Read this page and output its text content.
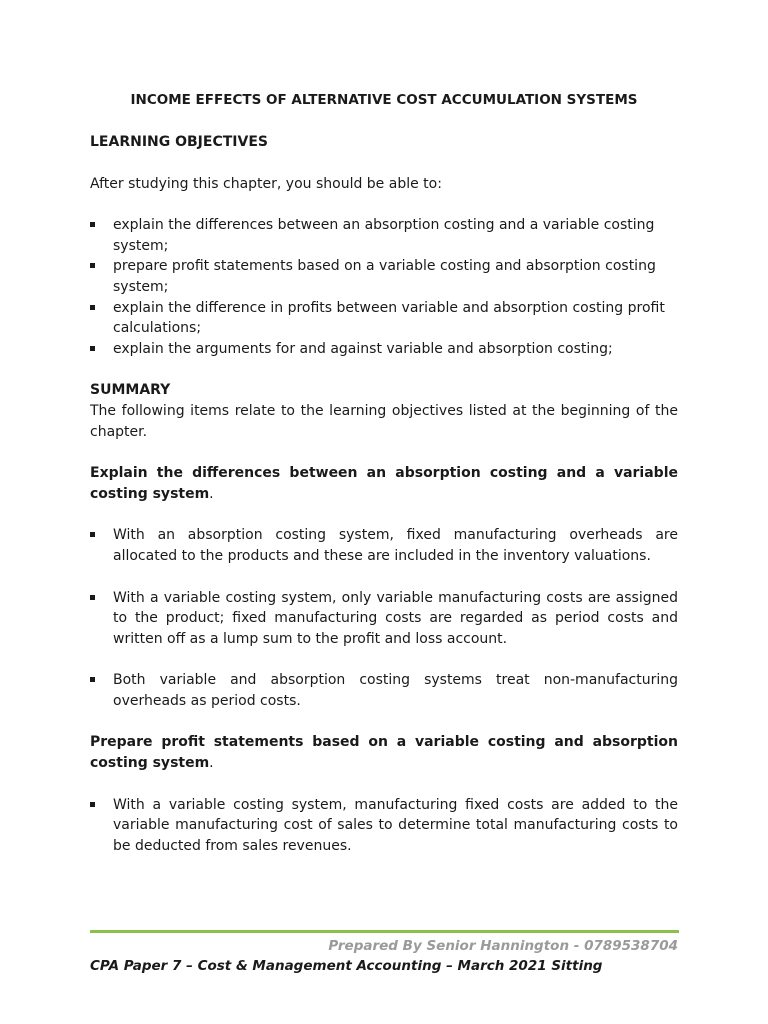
INCOME EFFECTS OF ALTERNATIVE COST ACCUMULATION SYSTEMS

LEARNING OBJECTIVES

After studying this chapter, you should be able to:

explain the differences between an absorption costing and a variable costing system;
prepare profit statements based on a variable costing and absorption costing system;
explain the difference in profits between variable and absorption costing profit calculations;
explain the arguments for and against variable and absorption costing;

SUMMARY

The following items relate to the learning objectives listed at the beginning of the chapter.

Explain the differences between an absorption costing and a variable costing system.

With an absorption costing system, fixed manufacturing overheads are allocated to the products and these are included in the inventory valuations.
With a variable costing system, only variable manufacturing costs are assigned to the product; fixed manufacturing costs are regarded as period costs and written off as a lump sum to the profit and loss account.
Both variable and absorption costing systems treat non-manufacturing overheads as period costs.

Prepare profit statements based on a variable costing and absorption costing system.

With a variable costing system, manufacturing fixed costs are added to the variable manufacturing cost of sales to determine total manufacturing costs to be deducted from sales revenues.
Prepared By Senior Hannington - 0789538704
CPA Paper 7 – Cost & Management Accounting – March 2021 Sitting
